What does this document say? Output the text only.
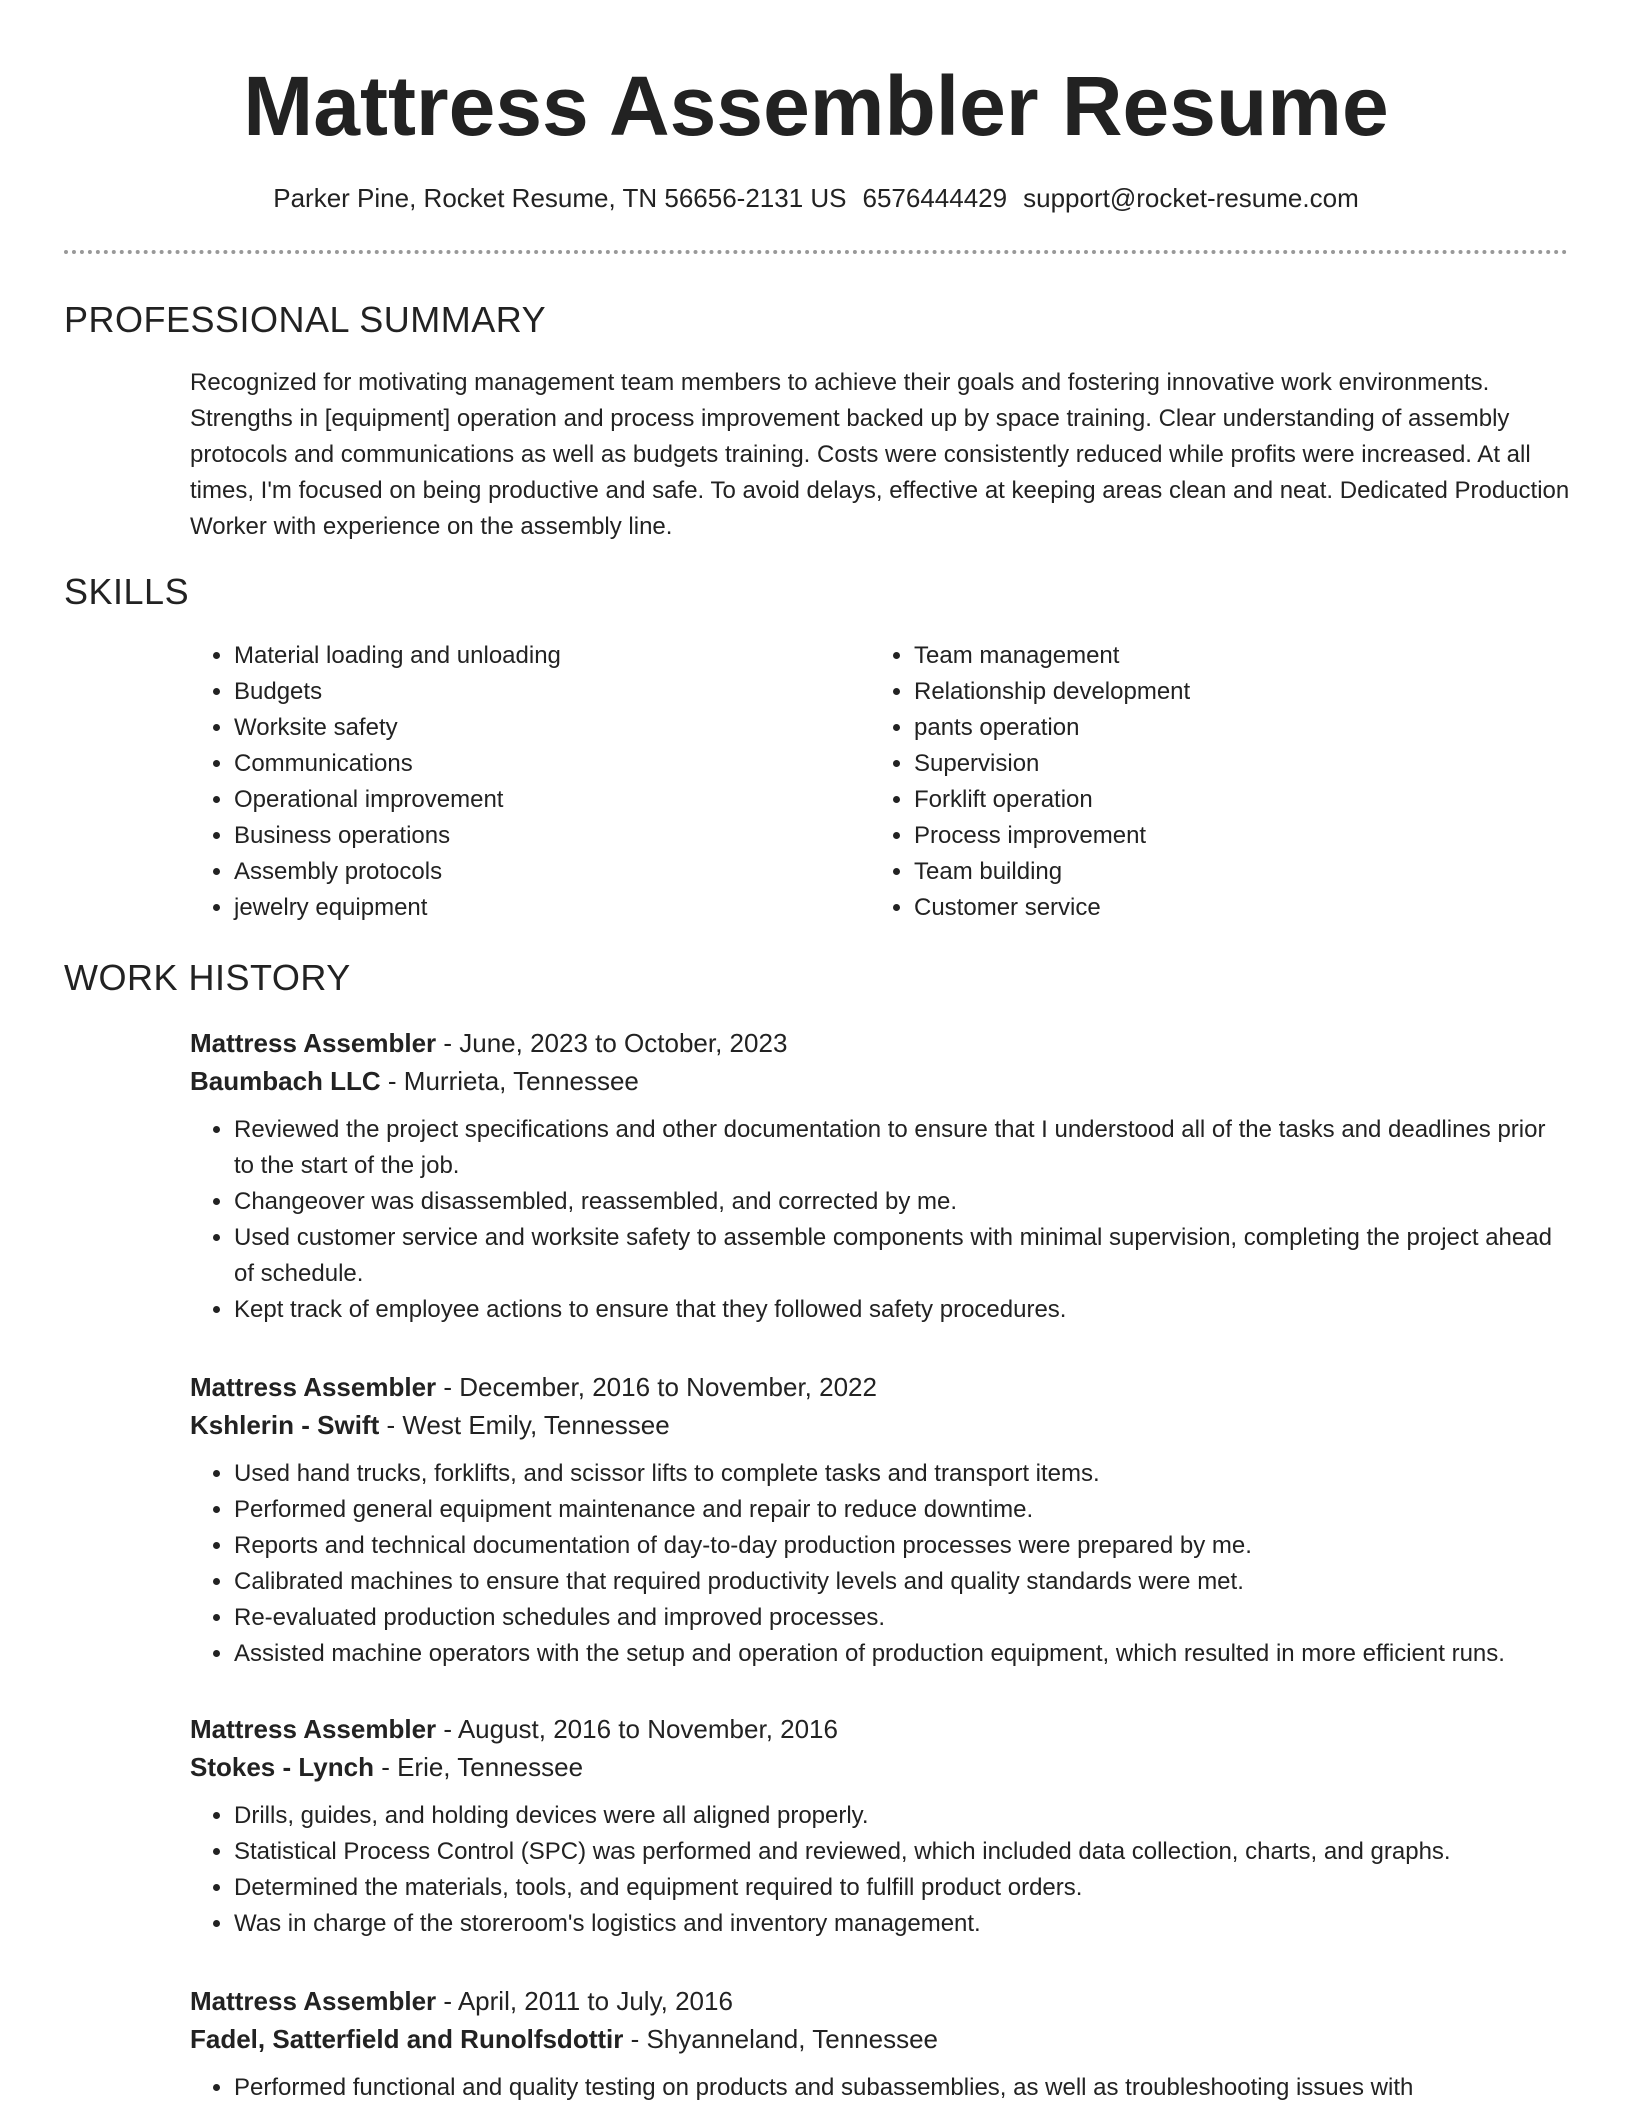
Mattress Assembler Resume
Parker Pine, Rocket Resume, TN 56656-2131 US 6576444429 support@rocket-resume.com
PROFESSIONAL SUMMARY

Recognized for motivating management team members to achieve their goals and fostering innovative work environments. Strengths in [equipment] operation and process improvement backed up by space training. Clear understanding of assembly protocols and communications as well as budgets training. Costs were consistently reduced while profits were increased. At all times, I'm focused on being productive and safe. To avoid delays, effective at keeping areas clean and neat. Dedicated Production Worker with experience on the assembly line.

SKILLS
• Material loading and unloading
• Budgets
• Worksite safety
• Communications
• Operational improvement
• Business operations
• Assembly protocols
• jewelry equipment
• Team management
• Relationship development
• pants operation
• Supervision
• Forklift operation
• Process improvement
• Team building
• Customer service
WORK HISTORY
Mattress Assembler - June, 2023 to October, 2023
Baumbach LLC - Murrieta, Tennessee
• Reviewed the project specifications and other documentation to ensure that I understood all of the tasks and deadlines prior to the start of the job.
• Changeover was disassembled, reassembled, and corrected by me.
• Used customer service and worksite safety to assemble components with minimal supervision, completing the project ahead of schedule.
• Kept track of employee actions to ensure that they followed safety procedures.
Mattress Assembler - December, 2016 to November, 2022
Kshlerin - Swift - West Emily, Tennessee
• Used hand trucks, forklifts, and scissor lifts to complete tasks and transport items.
• Performed general equipment maintenance and repair to reduce downtime.
• Reports and technical documentation of day-to-day production processes were prepared by me.
• Calibrated machines to ensure that required productivity levels and quality standards were met.
• Re-evaluated production schedules and improved processes.
• Assisted machine operators with the setup and operation of production equipment, which resulted in more efficient runs.
Mattress Assembler - August, 2016 to November, 2016
Stokes - Lynch - Erie, Tennessee
• Drills, guides, and holding devices were all aligned properly.
• Statistical Process Control (SPC) was performed and reviewed, which included data collection, charts, and graphs.
• Determined the materials, tools, and equipment required to fulfill product orders.
• Was in charge of the storeroom's logistics and inventory management.
Mattress Assembler - April, 2011 to July, 2016
Fadel, Satterfield and Runolfsdottir - Shyanneland, Tennessee
• Performed functional and quality testing on products and subassemblies, as well as troubleshooting issues with
